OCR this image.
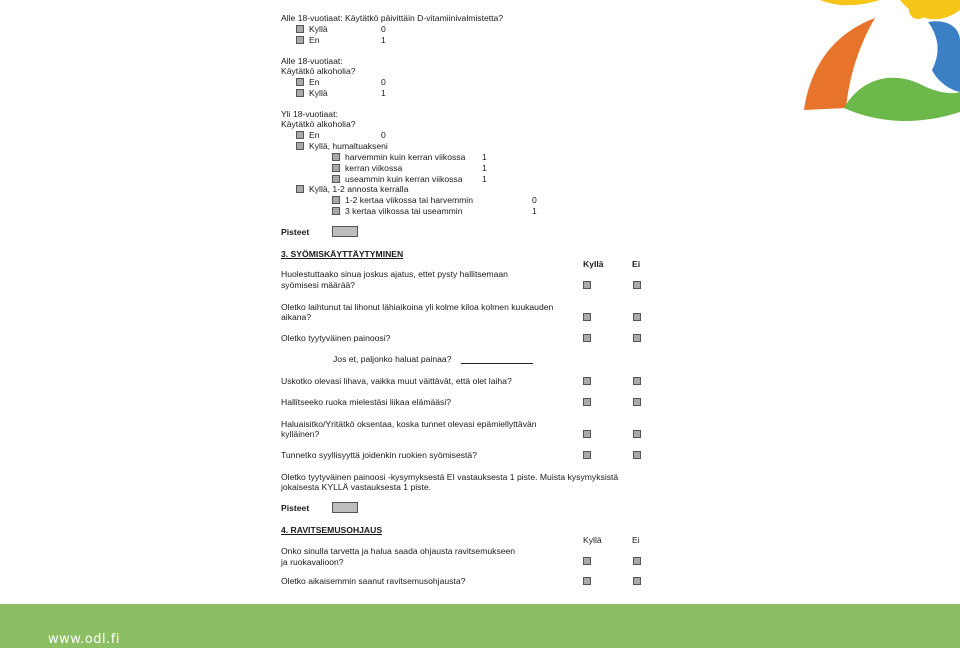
Alle 18-vuotiaat: Käytätkö päivittäin D-vitamiinivalmistetta?
Kyllä	0
En	1
Alle 18-vuotiaat:
Käytätkö alkoholia?
En	0
Kyllä	1
Yli 18-vuotiaat:
Käytätkö alkoholia?
En	0
Kyllä, humaltuakseni
harvemmin kuin kerran viikossa 1
kerran viikossa	1
useammin kuin kerran viikossa 1
Kyllä, 1-2 annosta kerralla
1-2 kertaa viikossa tai harvemmin	0
3 kertaa viikossa tai useammin	1
Pisteet
3. SYÖMISKÄYTTÄYTYMINEN
Kyllä	Ei
Huolestuttaako sinua joskus ajatus, ettet pysty hallitsemaan
syömisesi määrää?
Oletko laihtunut tai lihonut lähiaikoina yli kolme kiloa kolmen kuukauden
aikana?
Oletko tyytyväinen painoosi?
Jos et, paljonko haluat painaa?
Uskotko olevasi lihava, vaikka muut väittävät, että olet laiha?
Hallitseeko ruoka mielestäsi liikaa elämääsi?
Haluaisitko/Yritätkö oksentaa, koska tunnet olevasi epämiellyttävän
kylläinen?
Tunnetko syyllisyyttä joidenkin ruokien syömisestä?
Oletko tyytyväinen painoosi -kysymyksestä EI vastauksesta 1 piste. Muista kysymyksistä
jokaisesta KYLLÄ vastauksesta 1 piste.
Pisteet
4. RAVITSEMUSOHJAUS
Kyllä	Ei
Onko sinulla tarvetta ja halua saada ohjausta ravitsemukseen
ja ruokavalioon?
Oletko aikaisemmin saanut ravitsemusohjausta?
www.odl.fi
